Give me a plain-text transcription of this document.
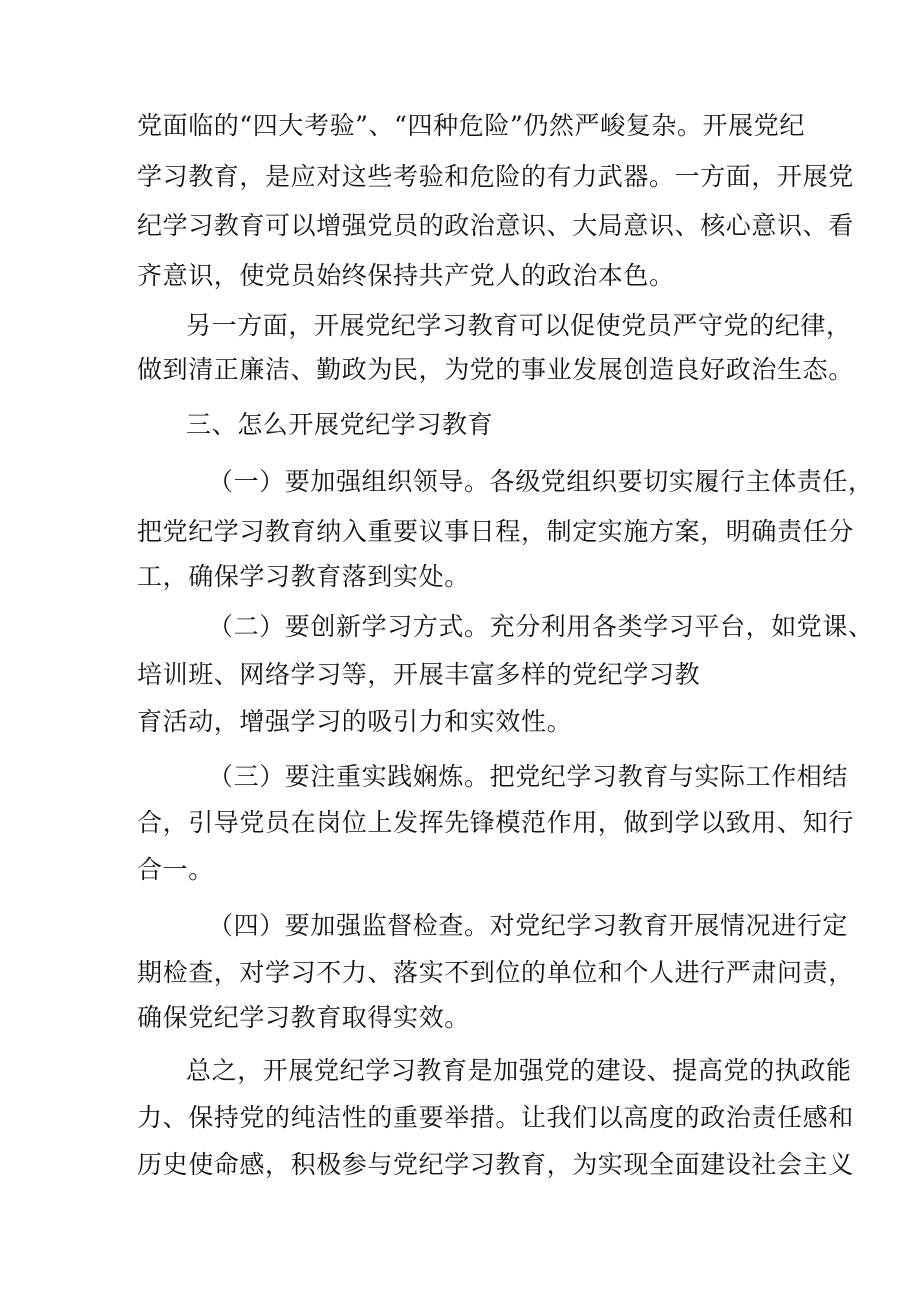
党面临的“四大考验”、“四种危险”仍然严峻复杂。开展党纪
学习教育，是应对这些考验和危险的有力武器。一方面，开展党
纪学习教育可以增强党员的政治意识、大局意识、核心意识、看
齐意识，使党员始终保持共产党人的政治本色。
另一方面，开展党纪学习教育可以促使党员严守党的纪律，
做到清正廉洁、勤政为民，为党的事业发展创造良好政治生态。
三、怎么开展党纪学习教育
（一）要加强组织领导。各级党组织要切实履行主体责任，
把党纪学习教育纳入重要议事日程，制定实施方案，明确责任分
工，确保学习教育落到实处。
（二）要创新学习方式。充分利用各类学习平台，如党课、
培训班、网络学习等，开展丰富多样的党纪学习教
育活动，增强学习的吸引力和实效性。
（三）要注重实践娴炼。把党纪学习教育与实际工作相结
合，引导党员在岗位上发挥先锋模范作用，做到学以致用、知行
合一。
（四）要加强监督检查。对党纪学习教育开展情况进行定
期检查，对学习不力、落实不到位的单位和个人进行严肃问责，
确保党纪学习教育取得实效。
总之，开展党纪学习教育是加强党的建设、提高党的执政能
力、保持党的纯洁性的重要举措。让我们以高度的政治责任感和
历史使命感，积极参与党纪学习教育，为实现全面建设社会主义
